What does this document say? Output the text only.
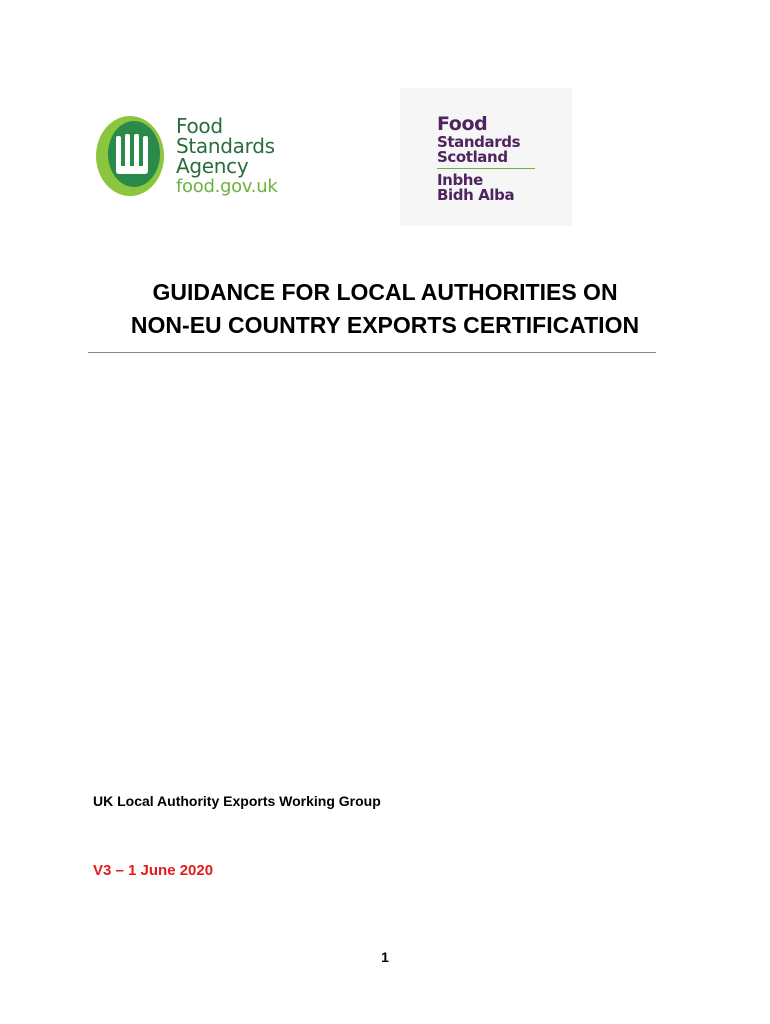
Food
Standards
Agency
food.gov.uk
Food
Standards
Scotland
Inbhe
Bidh Alba
GUIDANCE FOR LOCAL AUTHORITIES ON
NON-EU COUNTRY EXPORTS CERTIFICATION
UK Local Authority Exports Working Group
V3 – 1 June 2020
1
